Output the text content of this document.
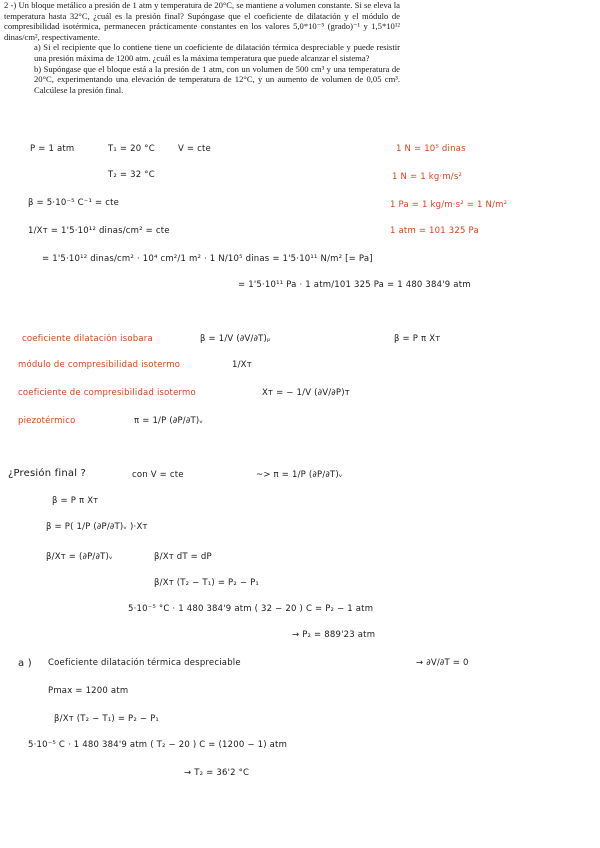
2 -) Un bloque metálico a presión de 1 atm y temperatura de 20°C, se mantiene a volumen constante. Si se eleva la temperatura hasta 32°C, ¿cuál es la presión final? Supóngase que el coeficiente de dilatación y el módulo de compresibilidad isotérmica, permanecen prácticamente constantes en los valores 5,0*10⁻⁵ (grado)⁻¹ y 1,5*10¹² dinas/cm², respectivamente.

a) Si el recipiente que lo contiene tiene un coeficiente de dilatación térmica despreciable y puede resistir una presión máxima de 1200 atm. ¿cuál es la máxima temperatura que puede alcanzar el sistema?

b) Supóngase que el bloque está a la presión de 1 atm, con un volumen de 500 cm³ y una temperatura de 20°C, experimentando una elevación de temperatura de 12°C, y un aumento de volumen de 0,05 cm³. Calcúlese la presión final.

P = 1 atm	T₁ = 20 °C	V = cte
T₂ = 32 °C
β = 5·10⁻⁵ C⁻¹ = cte
1/Xᴛ = 1'5·10¹² dinas/cm² = cte
= 1'5·10¹² dinas/cm² · 10⁴ cm²/1 m² · 1 N/10⁵ dinas = 1'5·10¹¹ N/m² [= Pa]
= 1'5·10¹¹ Pa · 1 atm/101 325 Pa = 1 480 384'9 atm
1 N = 10⁵ dinas
1 N = 1 kg·m/s²
1 Pa = 1 kg/m·s² = 1 N/m²
1 atm = 101 325 Pa
coeficiente dilatación isobara	β = 1/V (∂V/∂T)ₚ	β = P π Xᴛ
módulo de compresibilidad isotermo	1/Xᴛ
coeficiente de compresibilidad isotermo	Xᴛ = − 1/V (∂V/∂P)ᴛ
piezotérmico	π = 1/P (∂P/∂T)ᵥ
¿Presión final ?	con V = cte	~> π = 1/P (∂P/∂T)ᵥ
β = P π Xᴛ
β = P( 1/P (∂P/∂T)ᵥ )·Xᴛ
β/Xᴛ = (∂P/∂T)ᵥ	β/Xᴛ dT = dP
β/Xᴛ (T₂ − T₁) = P₂ − P₁
5·10⁻⁵ °C · 1 480 384'9 atm ( 32 − 20 ) C = P₂ − 1 atm
→ P₂ = 889'23 atm
a ) Coeficiente dilatación térmica despreciable	→ ∂V/∂T = 0
Pmax = 1200 atm
β/Xᴛ (T₂ − T₁) = P₂ − P₁
5·10⁻⁵ C · 1 480 384'9 atm ( T₂ − 20 ) C = (1200 − 1) atm
→ T₂ = 36'2 °C
